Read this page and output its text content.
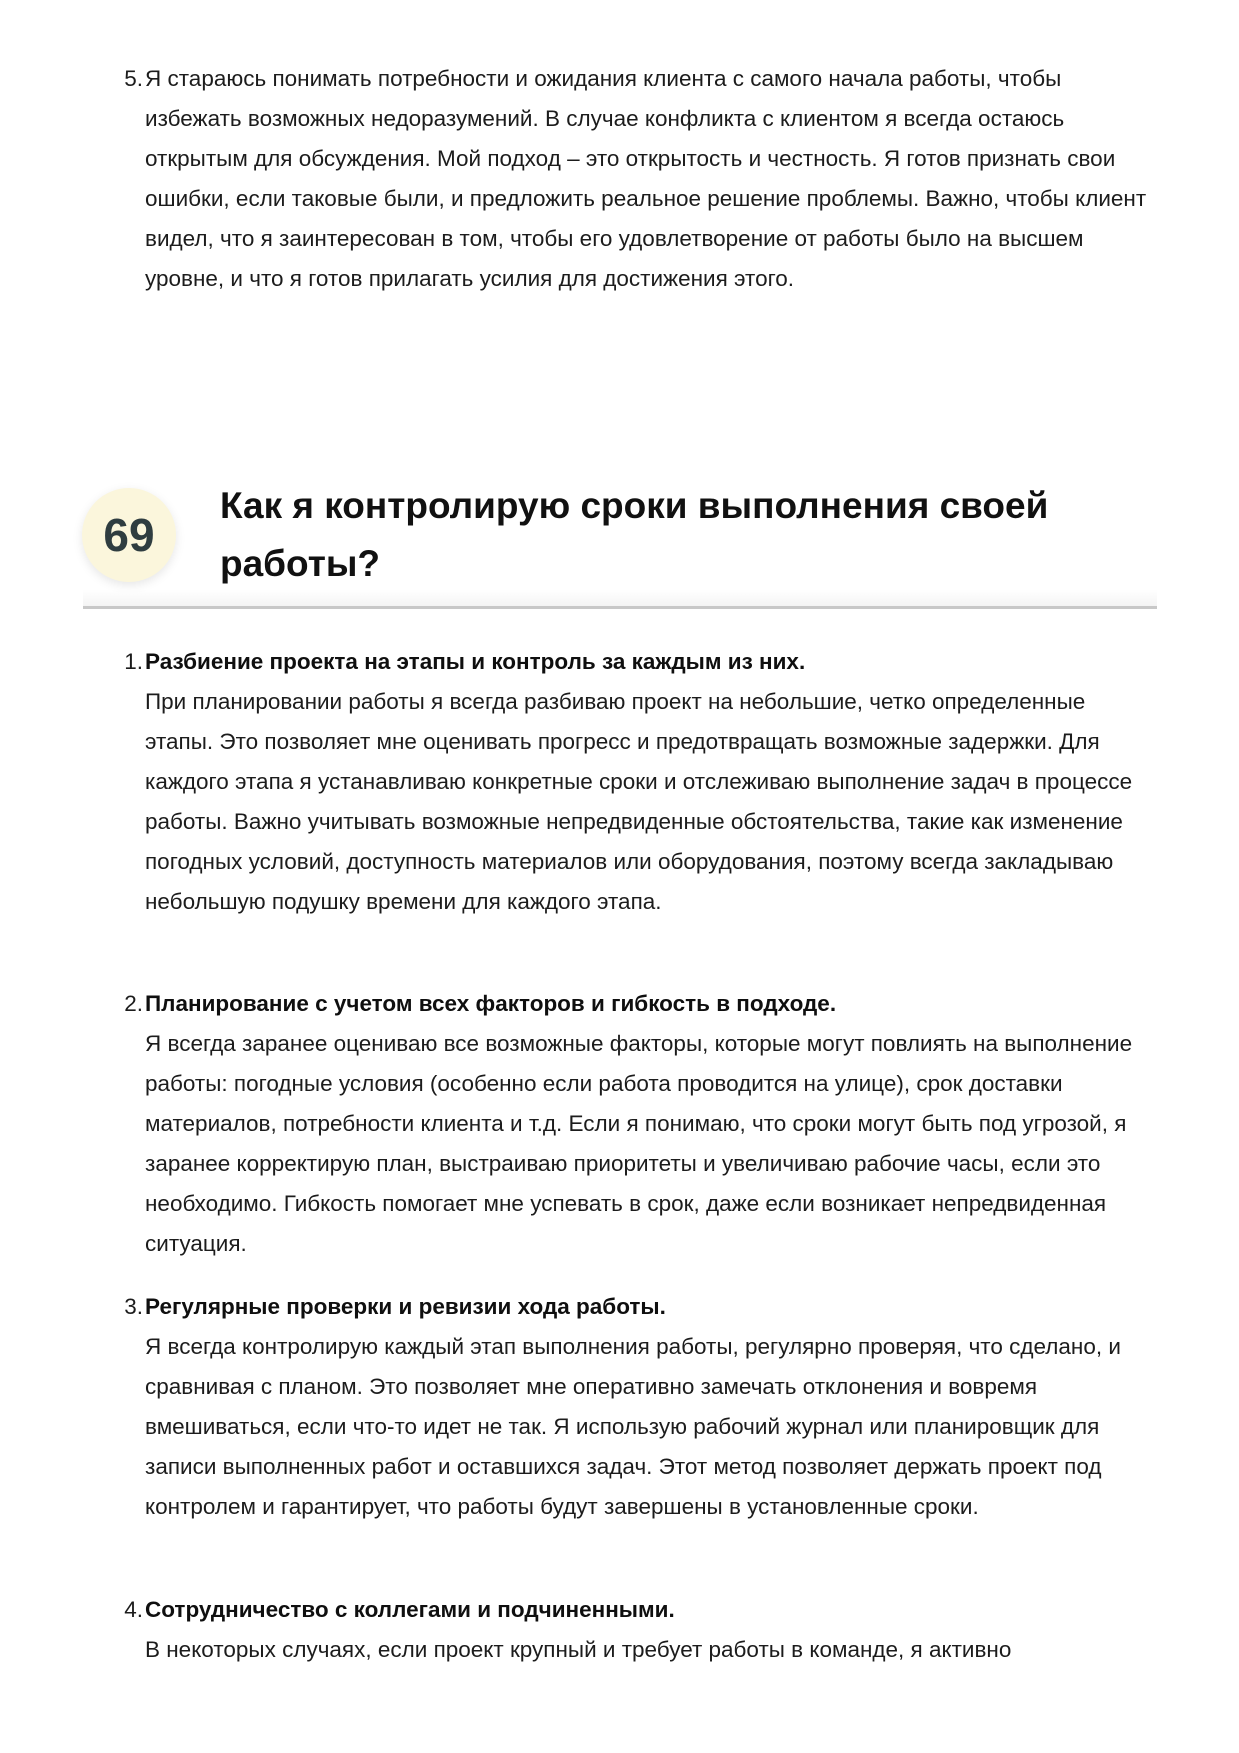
5. Я стараюсь понимать потребности и ожидания клиента с самого начала работы, чтобы избежать возможных недоразумений. В случае конфликта с клиентом я всегда остаюсь открытым для обсуждения. Мой подход – это открытость и честность. Я готов признать свои ошибки, если таковые были, и предложить реальное решение проблемы. Важно, чтобы клиент видел, что я заинтересован в том, чтобы его удовлетворение от работы было на высшем уровне, и что я готов прилагать усилия для достижения этого.
69
Как я контролирую сроки выполнения своей работы?
1. Разбиение проекта на этапы и контроль за каждым из них.
При планировании работы я всегда разбиваю проект на небольшие, четко определенные этапы. Это позволяет мне оценивать прогресс и предотвращать возможные задержки. Для каждого этапа я устанавливаю конкретные сроки и отслеживаю выполнение задач в процессе работы. Важно учитывать возможные непредвиденные обстоятельства, такие как изменение погодных условий, доступность материалов или оборудования, поэтому всегда закладываю небольшую подушку времени для каждого этапа.
2. Планирование с учетом всех факторов и гибкость в подходе.
Я всегда заранее оцениваю все возможные факторы, которые могут повлиять на выполнение работы: погодные условия (особенно если работа проводится на улице), срок доставки материалов, потребности клиента и т.д. Если я понимаю, что сроки могут быть под угрозой, я заранее корректирую план, выстраиваю приоритеты и увеличиваю рабочие часы, если это необходимо. Гибкость помогает мне успевать в срок, даже если возникает непредвиденная ситуация.
3. Регулярные проверки и ревизии хода работы.
Я всегда контролирую каждый этап выполнения работы, регулярно проверяя, что сделано, и сравнивая с планом. Это позволяет мне оперативно замечать отклонения и вовремя вмешиваться, если что-то идет не так. Я использую рабочий журнал или планировщик для записи выполненных работ и оставшихся задач. Этот метод позволяет держать проект под контролем и гарантирует, что работы будут завершены в установленные сроки.
4. Сотрудничество с коллегами и подчиненными.
В некоторых случаях, если проект крупный и требует работы в команде, я активно
